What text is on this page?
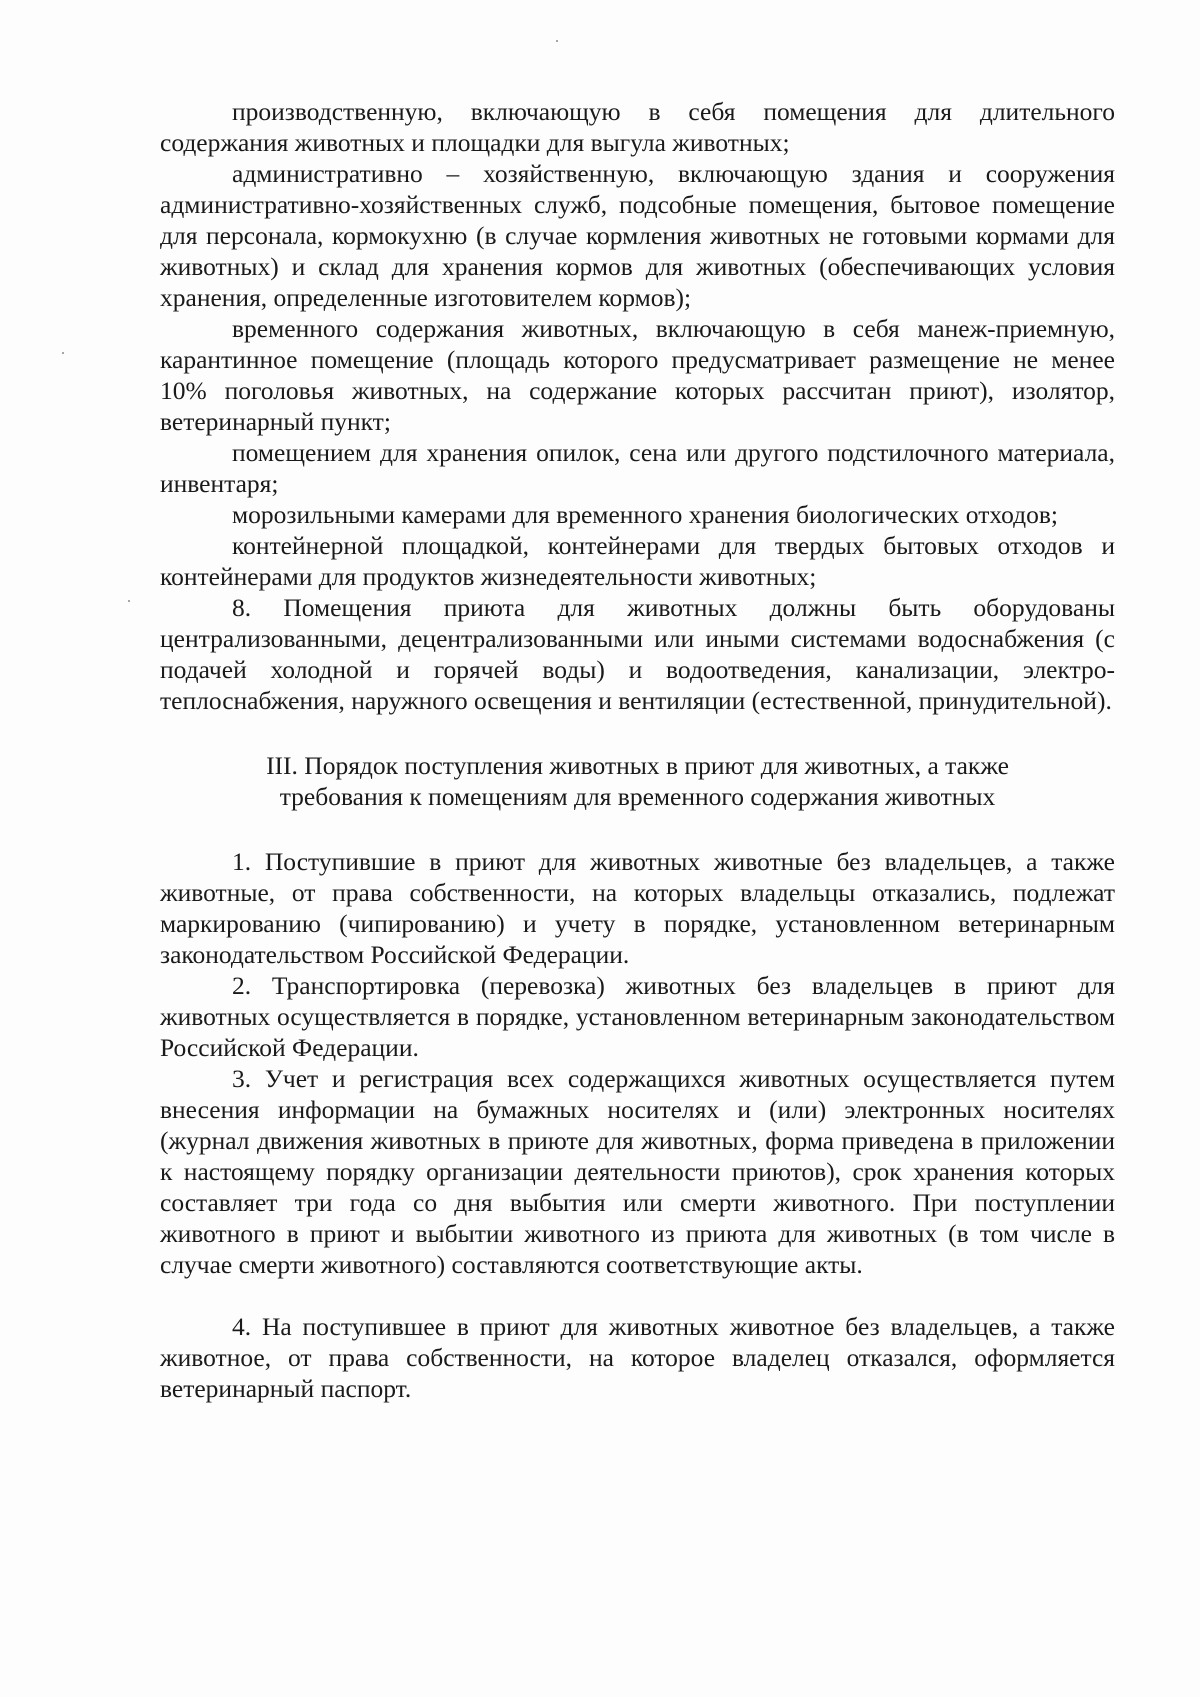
производственную, включающую в себя помещения для длительного содержания животных и площадки для выгула животных;

административно – хозяйственную, включающую здания и сооружения административно-хозяйственных служб, подсобные помещения, бытовое помещение для персонала, кормокухню (в случае кормления животных не готовыми кормами для животных) и склад для хранения кормов для животных (обеспечивающих условия хранения, определенные изготовителем кормов);

временного содержания животных, включающую в себя манеж-приемную, карантинное помещение (площадь которого предусматривает размещение не менее 10% поголовья животных, на содержание которых рассчитан приют), изолятор, ветеринарный пункт;

помещением для хранения опилок, сена или другого подстилочного материала, инвентаря;

морозильными камерами для временного хранения биологических отходов;

контейнерной площадкой, контейнерами для твердых бытовых отходов и контейнерами для продуктов жизнедеятельности животных;

8. Помещения приюта для животных должны быть оборудованы централизованными, децентрализованными или иными системами водоснабжения (с подачей холодной и горячей воды) и водоотведения, канализации, электро-теплоснабжения, наружного освещения и вентиляции (естественной, принудительной).

III. Порядок поступления животных в приют для животных, а также
требования к помещениям для временного содержания животных

1. Поступившие в приют для животных животные без владельцев, а также животные, от права собственности, на которых владельцы отказались, подлежат маркированию (чипированию) и учету в порядке, установленном ветеринарным законодательством Российской Федерации.

2. Транспортировка (перевозка) животных без владельцев в приют для животных осуществляется в порядке, установленном ветеринарным законодательством Российской Федерации.

3. Учет и регистрация всех содержащихся животных осуществляется путем внесения информации на бумажных носителях и (или) электронных носителях (журнал движения животных в приюте для животных, форма приведена в приложении к настоящему порядку организации деятельности приютов), срок хранения которых составляет три года со дня выбытия или смерти животного. При поступлении животного в приют и выбытии животного из приюта для животных (в том числе в случае смерти животного) составляются соответствующие акты.

4. На поступившее в приют для животных животное без владельцев, а также животное, от права собственности, на которое владелец отказался, оформляется ветеринарный паспорт.
